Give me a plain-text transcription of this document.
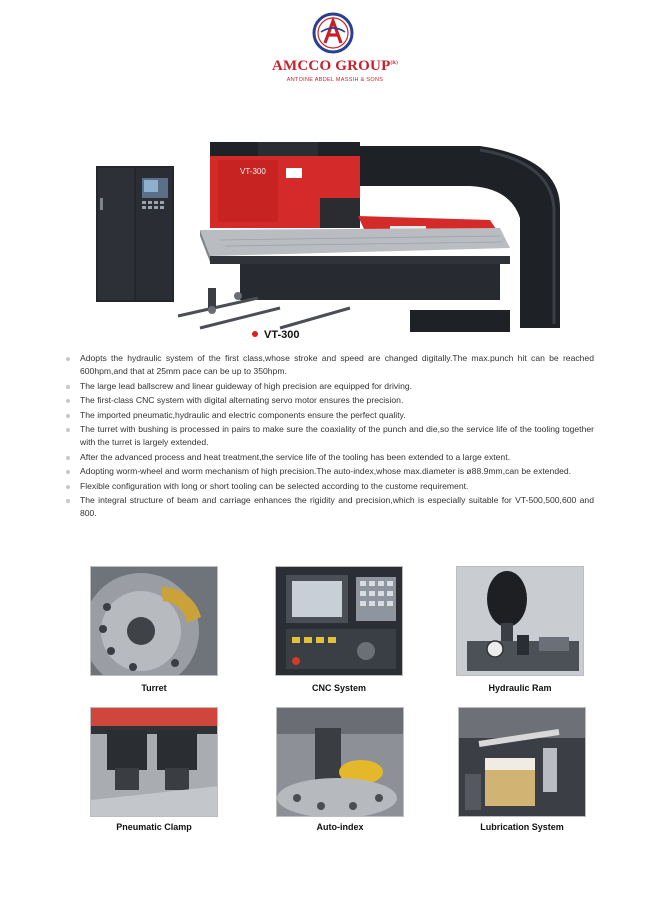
AMCCO $GROUP^{(R)}$
ANTOINE ABDEL MASSIH & SONS
VT-300
VT-300
Adopts the hydraulic system of the first class,whose stroke and speed are changed digitally.The max.punch hit can be reached 600hpm,and that at 25mm pace can be up to 350hpm.
The large lead ballscrew and linear guideway of high precision are equipped for driving.
The first-class CNC system with digital alternating servo motor ensures the precision.
The imported pneumatic,hydraulic and electric components ensure the perfect quality.
The turret with bushing is processed in pairs to make sure the coaxiality of the punch and die,so the service life of the tooling together with the turret is largely extended.
After the advanced process and heat treatment,the service life of the tooling has been extended to a large extent.
Adopting worm-wheel and worm mechanism of high precision.The auto-index,whose max.diameter is ø88.9mm,can be extended.
Flexible configuration with long or short tooling can be selected according to the custome requirement.
The integral structure of beam and carriage enhances the rigidity and precision,which is especially suitable for VT-500,500,600 and 800.
Turret	CNC System	Hydraulic Ram
Pneumatic Clamp	Auto-index	Lubrication System
